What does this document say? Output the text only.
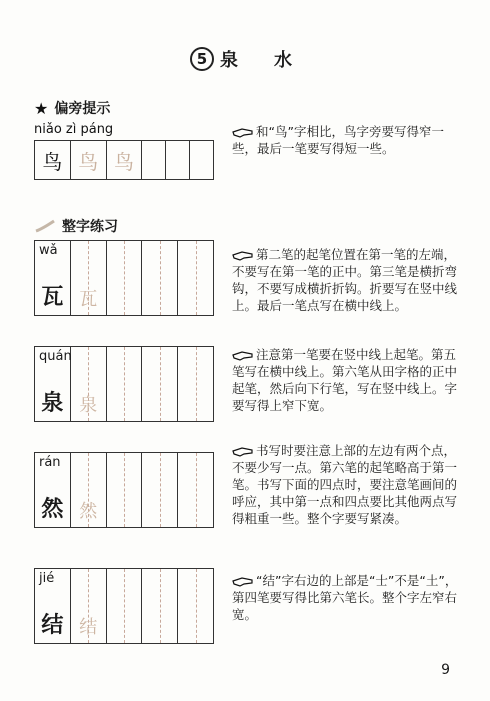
5 泉 水
★ 偏旁提示
niǎo zì páng
鸟 鸟 鸟
和“鸟”字相比，鸟字旁要写得窄一些，最后一笔要写得短一些。
整字练习
wǎ
瓦 瓦
第二笔的起笔位置在第一笔的左端，不要写在第一笔的正中。第三笔是横折弯钩，不要写成横折折钩。折要写在竖中线上。最后一笔点写在横中线上。
quán
泉 泉
注意第一笔要在竖中线上起笔。第五笔写在横中线上。第六笔从田字格的正中起笔，然后向下行笔，写在竖中线上。字要写得上窄下宽。
rán
然 然
书写时要注意上部的左边有两个点，不要少写一点。第六笔的起笔略高于第一笔。书写下面的四点时，要注意笔画间的呼应，其中第一点和四点要比其他两点写得粗重一些。整个字要写紧凑。
jié
结 结
“结”字右边的上部是“士”不是“土”，第四笔要写得比第六笔长。整个字左窄右宽。
9
